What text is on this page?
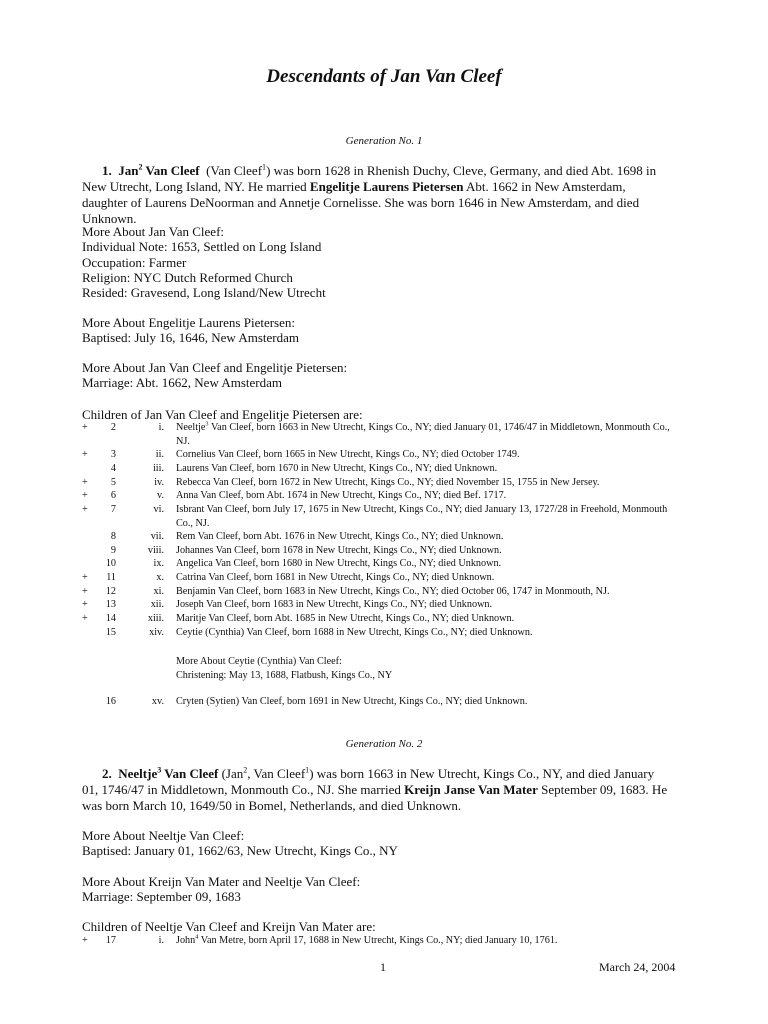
Descendants of Jan Van Cleef
Generation No. 1
1. Jan$^2$ Van Cleef (Van Cleef$^1$) was born 1628 in Rhenish Duchy, Cleve, Germany, and died Abt. 1698 in New Utrecht, Long Island, NY. He married Engelitje Laurens Pietersen Abt. 1662 in New Amsterdam, daughter of Laurens DeNoorman and Annetje Cornelisse. She was born 1646 in New Amsterdam, and died Unknown.
More About Jan Van Cleef:
Individual Note: 1653, Settled on Long Island
Occupation: Farmer
Religion: NYC Dutch Reformed Church
Resided: Gravesend, Long Island/New Utrecht
More About Engelitje Laurens Pietersen:
Baptised: July 16, 1646, New Amsterdam
More About Jan Van Cleef and Engelitje Pietersen:
Marriage: Abt. 1662, New Amsterdam
Children of Jan Van Cleef and Engelitje Pietersen are:
+	2	i. Neeltje$^3$ Van Cleef, born 1663 in New Utrecht, Kings Co., NY; died January 01, 1746/47 in Middletown, Monmouth Co., NJ.
+	3	ii. Cornelius Van Cleef, born 1665 in New Utrecht, Kings Co., NY; died October 1749.
4	iii. Laurens Van Cleef, born 1670 in New Utrecht, Kings Co., NY; died Unknown.
+	5	iv. Rebecca Van Cleef, born 1672 in New Utrecht, Kings Co., NY; died November 15, 1755 in New Jersey.
+	6	v. Anna Van Cleef, born Abt. 1674 in New Utrecht, Kings Co., NY; died Bef. 1717.
+	7	vi. Isbrant Van Cleef, born July 17, 1675 in New Utrecht, Kings Co., NY; died January 13, 1727/28 in Freehold, Monmouth Co., NJ.
8	vii. Rem Van Cleef, born Abt. 1676 in New Utrecht, Kings Co., NY; died Unknown.
9	viii. Johannes Van Cleef, born 1678 in New Utrecht, Kings Co., NY; died Unknown.
10	ix. Angelica Van Cleef, born 1680 in New Utrecht, Kings Co., NY; died Unknown.
+	11	x. Catrina Van Cleef, born 1681 in New Utrecht, Kings Co., NY; died Unknown.
+	12	xi. Benjamin Van Cleef, born 1683 in New Utrecht, Kings Co., NY; died October 06, 1747 in Monmouth, NJ.
+	13	xii. Joseph Van Cleef, born 1683 in New Utrecht, Kings Co., NY; died Unknown.
+	14	xiii. Maritje Van Cleef, born Abt. 1685 in New Utrecht, Kings Co., NY; died Unknown.
15	xiv. Ceytie (Cynthia) Van Cleef, born 1688 in New Utrecht, Kings Co., NY; died Unknown.
More About Ceytie (Cynthia) Van Cleef:
Christening: May 13, 1688, Flatbush, Kings Co., NY
16	xv. Cryten (Sytien) Van Cleef, born 1691 in New Utrecht, Kings Co., NY; died Unknown.
Generation No. 2
2. Neeltje$^3$ Van Cleef (Jan$^2$, Van Cleef$^1$) was born 1663 in New Utrecht, Kings Co., NY, and died January 01, 1746/47 in Middletown, Monmouth Co., NJ. She married Kreijn Janse Van Mater September 09, 1683. He was born March 10, 1649/50 in Bomel, Netherlands, and died Unknown.
More About Neeltje Van Cleef:
Baptised: January 01, 1662/63, New Utrecht, Kings Co., NY
More About Kreijn Van Mater and Neeltje Van Cleef:
Marriage: September 09, 1683
Children of Neeltje Van Cleef and Kreijn Van Mater are:
+	17	i. John$^4$ Van Metre, born April 17, 1688 in New Utrecht, Kings Co., NY; died January 10, 1761.
1	March 24, 2004
